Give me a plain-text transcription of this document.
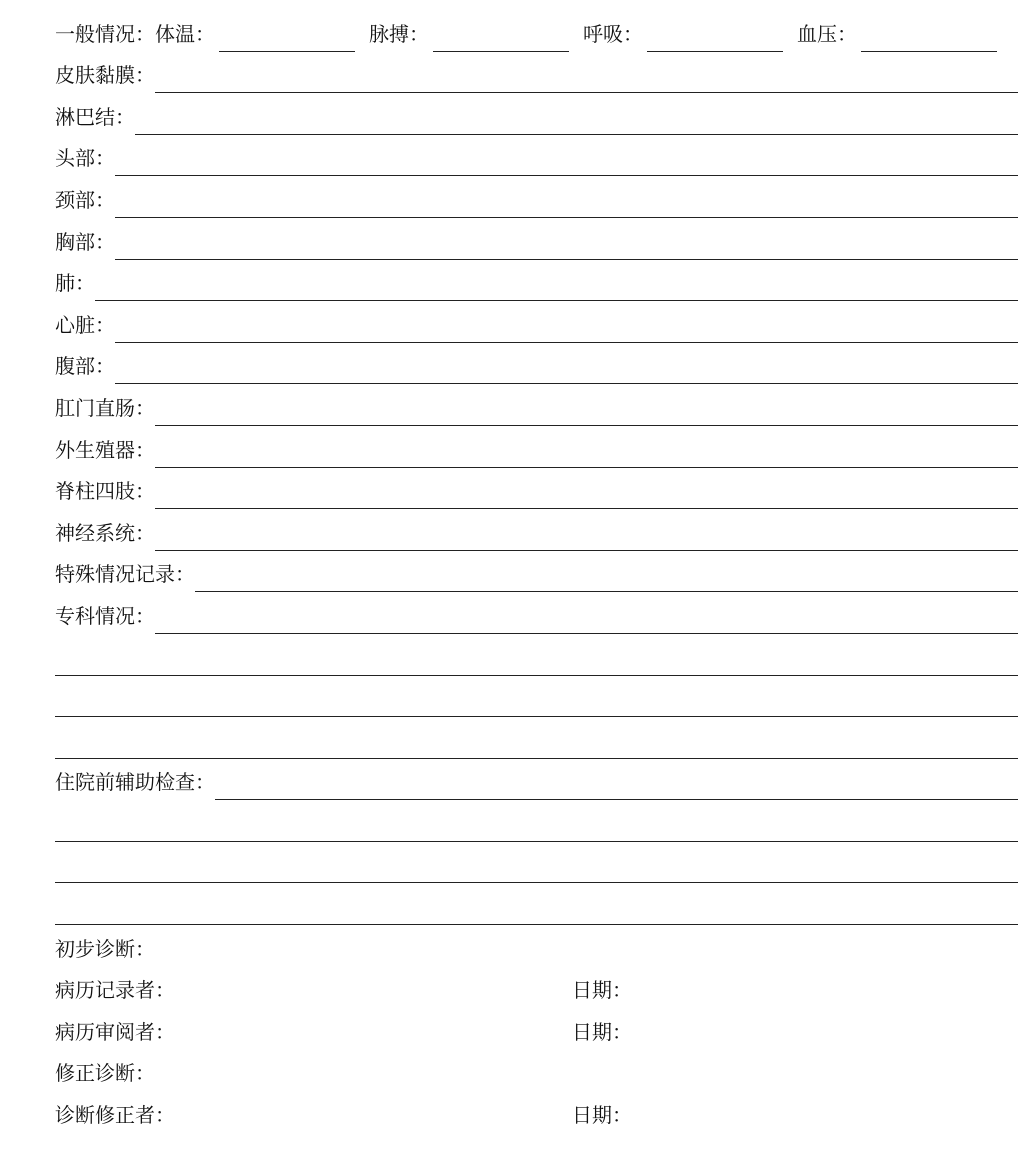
一般情况： 体温：	脉搏：	呼吸：	血压：
皮肤黏膜：
淋巴结：
头部：
颈部：
胸部：
肺：
心脏：
腹部：
肛门直肠：
外生殖器：
脊柱四肢：
神经系统：
特殊情况记录：
专科情况：
住院前辅助检查：
初步诊断：
病历记录者：	日期：
病历审阅者：	日期：
修正诊断：
诊断修正者：	日期：
